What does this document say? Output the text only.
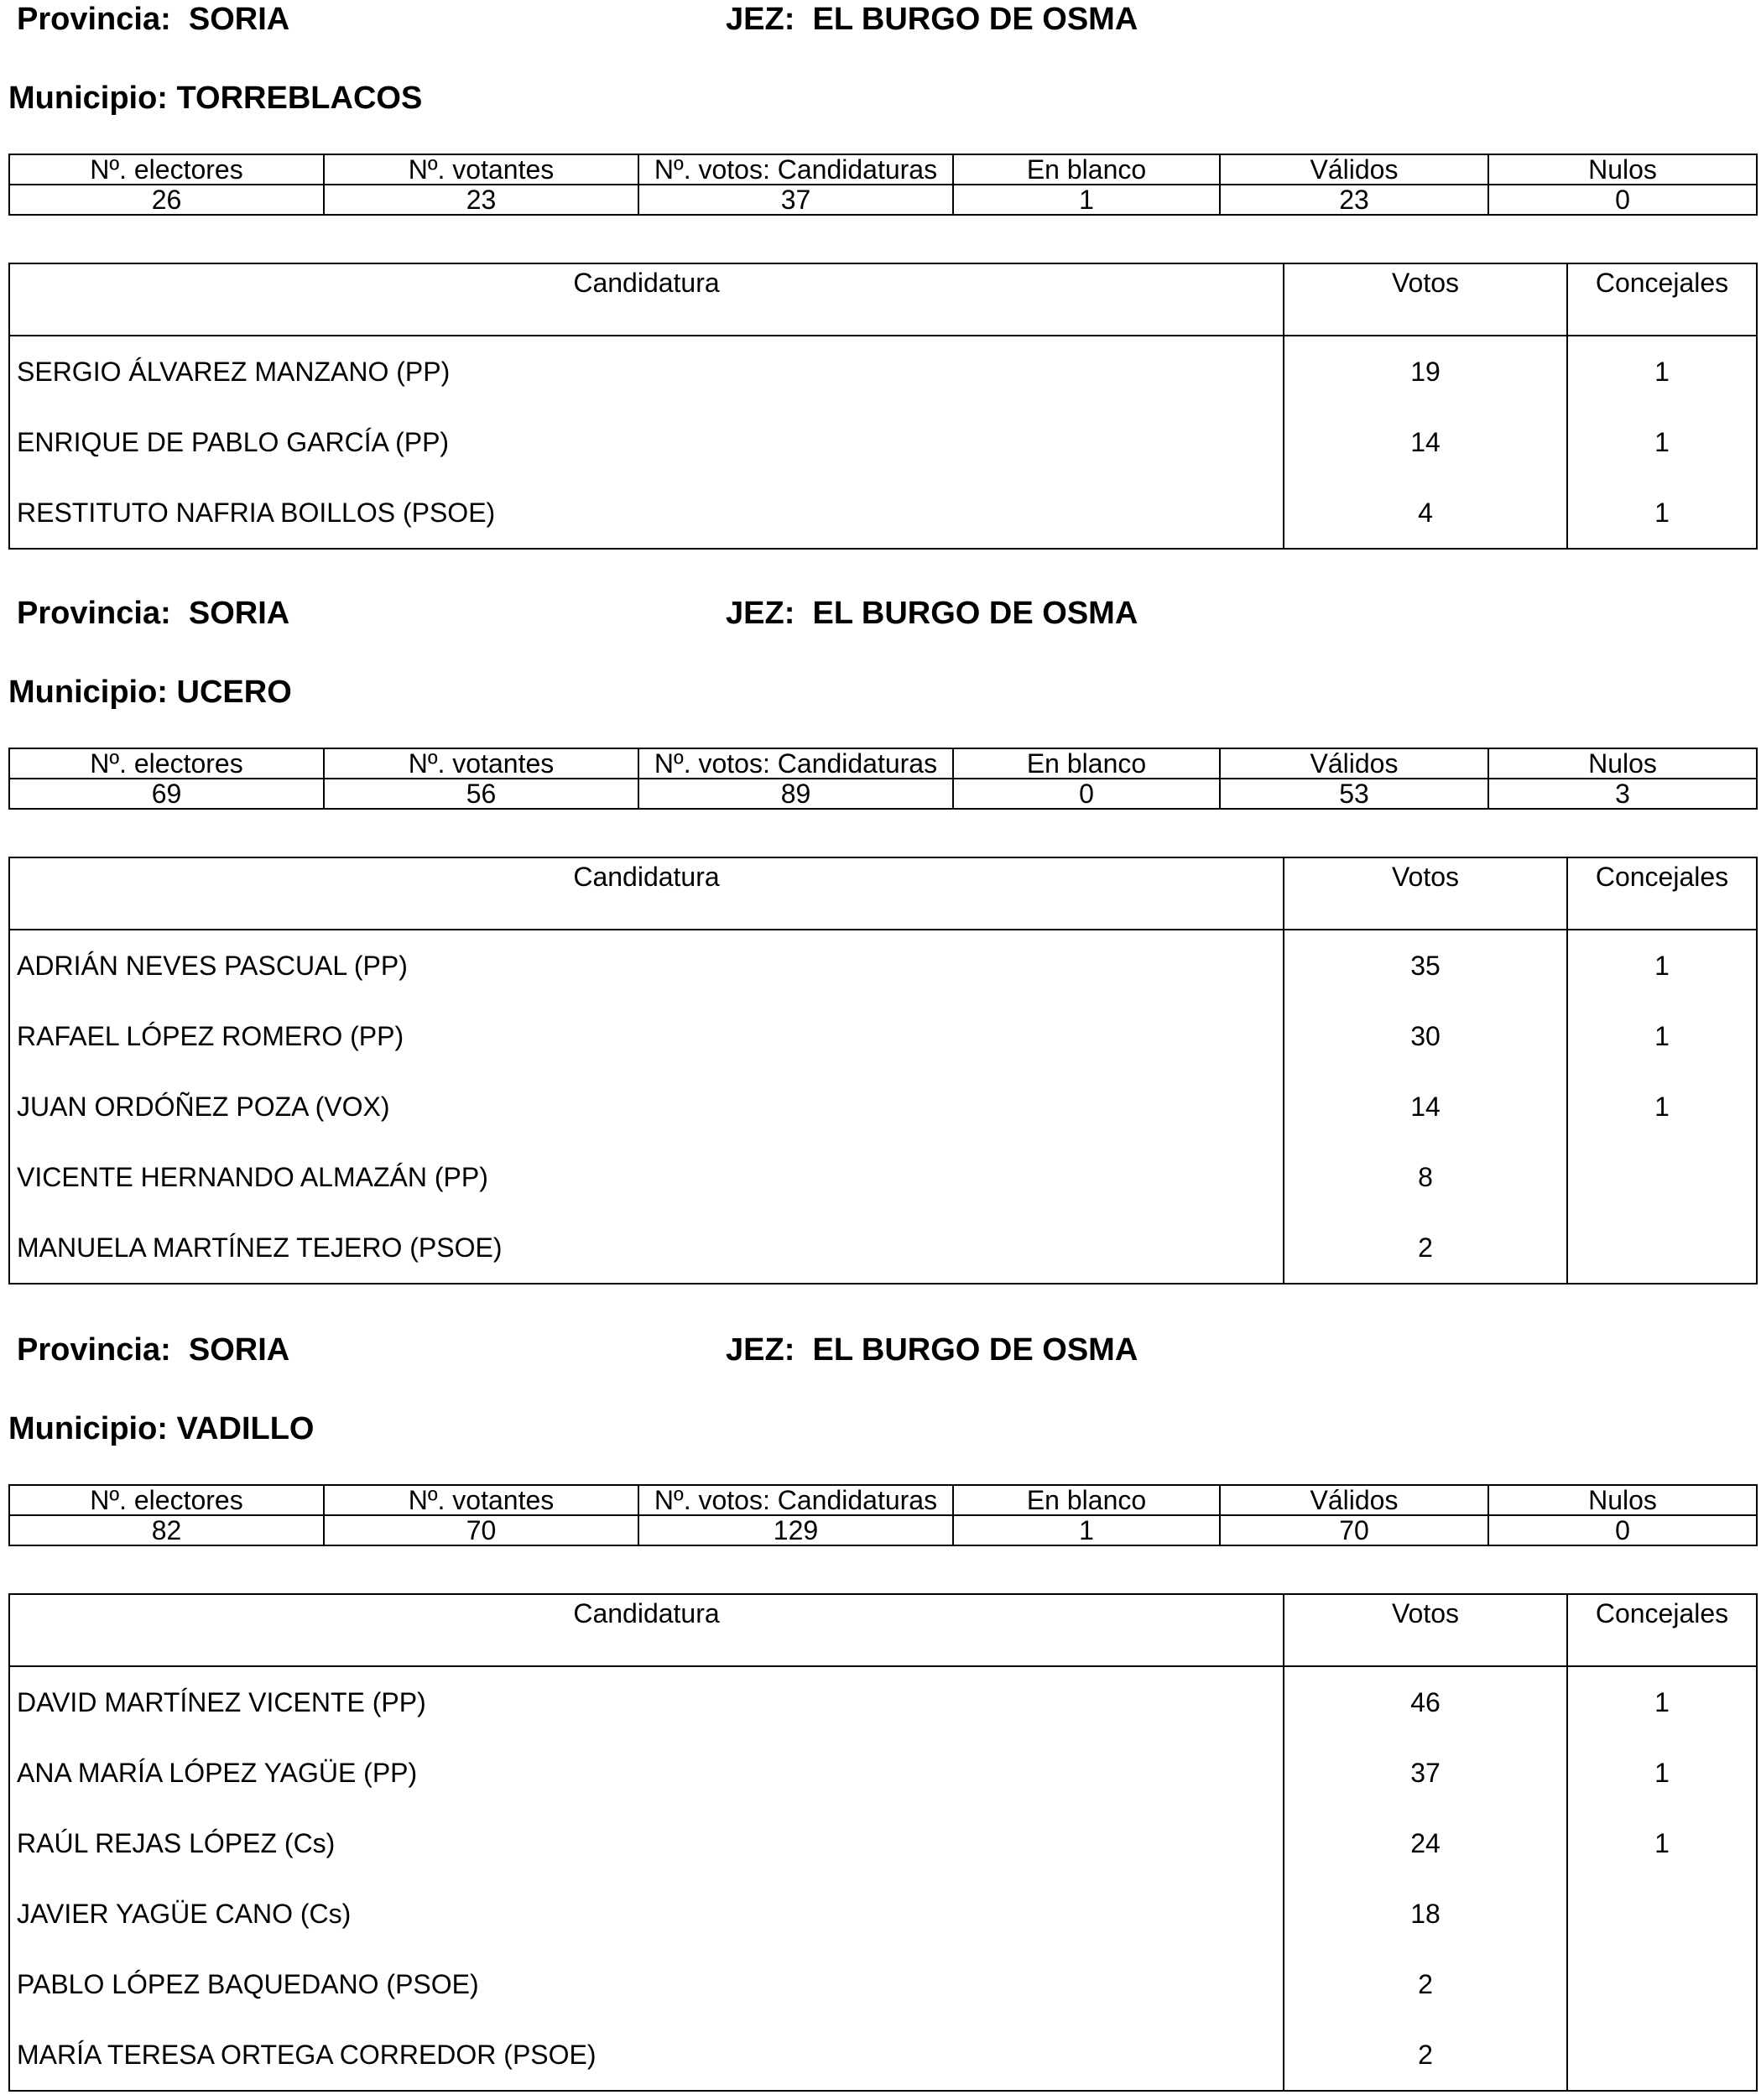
Provincia: SORIA	JEZ: EL BURGO DE OSMA
Municipio: TORREBLACOS
Nº. electores	Nº. votantes	Nº. votos: Candidaturas	En blanco	Válidos	Nulos
26	23	37	1	23	0
Candidatura	Votos	Concejales
SERGIO ÁLVAREZ MANZANO (PP)	19	1
ENRIQUE DE PABLO GARCÍA (PP)	14	1
RESTITUTO NAFRIA BOILLOS (PSOE)	4	1
Provincia: SORIA	JEZ: EL BURGO DE OSMA
Municipio: UCERO
Nº. electores	Nº. votantes	Nº. votos: Candidaturas	En blanco	Válidos	Nulos
69	56	89	0	53	3
Candidatura	Votos	Concejales
ADRIÁN NEVES PASCUAL (PP)	35	1
RAFAEL LÓPEZ ROMERO (PP)	30	1
JUAN ORDÓÑEZ POZA (VOX)	14	1
VICENTE HERNANDO ALMAZÁN (PP)	8	
MANUELA MARTÍNEZ TEJERO (PSOE)	2	
Provincia: SORIA	JEZ: EL BURGO DE OSMA
Municipio: VADILLO
Nº. electores	Nº. votantes	Nº. votos: Candidaturas	En blanco	Válidos	Nulos
82	70	129	1	70	0
Candidatura	Votos	Concejales
DAVID MARTÍNEZ VICENTE (PP)	46	1
ANA MARÍA LÓPEZ YAGÜE (PP)	37	1
RAÚL REJAS LÓPEZ (Cs)	24	1
JAVIER YAGÜE CANO (Cs)	18	
PABLO LÓPEZ BAQUEDANO (PSOE)	2	
MARÍA TERESA ORTEGA CORREDOR (PSOE)	2	
